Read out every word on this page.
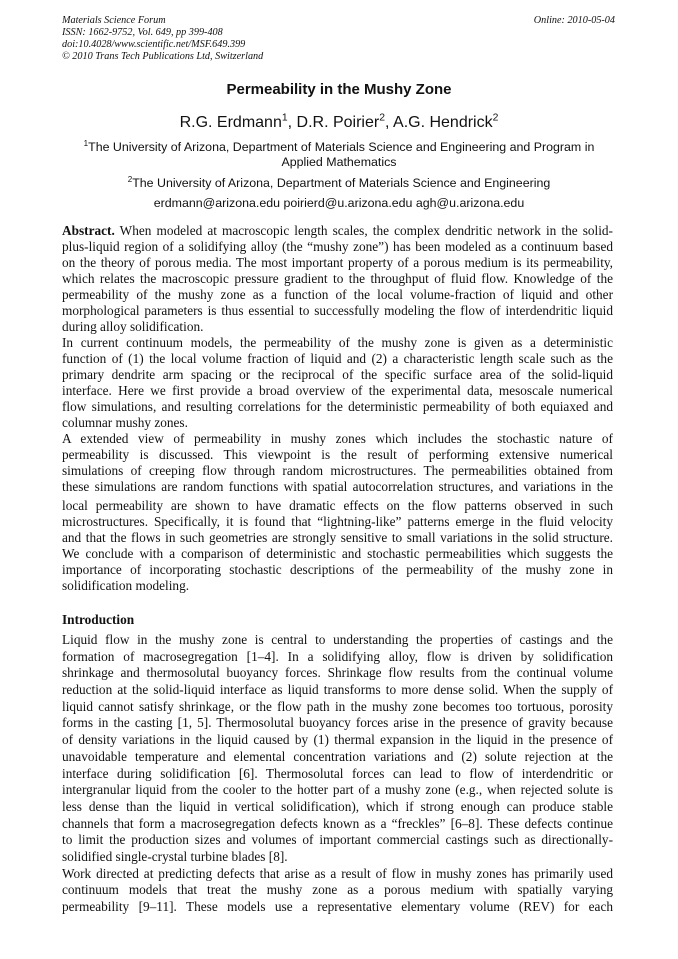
Materials Science Forum
ISSN: 1662-9752, Vol. 649, pp 399-408
doi:10.4028/www.scientific.net/MSF.649.399
© 2010 Trans Tech Publications Ltd, Switzerland
Online: 2010-05-04
Permeability in the Mushy Zone
R.G. Erdmann$^1$, D.R. Poirier$^2$, A.G. Hendrick$^2$
$^1$The University of Arizona, Department of Materials Science and Engineering and Program in
Applied Mathematics
$^2$The University of Arizona, Department of Materials Science and Engineering
erdmann@arizona.edu poirierd@u.arizona.edu agh@u.arizona.edu
Abstract. When modeled at macroscopic length scales, the complex dendritic network in the solid-
plus-liquid region of a solidifying alloy (the “mushy zone”) has been modeled as a continuum based
on the theory of porous media. The most important property of a porous medium is its permeability,
which relates the macroscopic pressure gradient to the throughput of fluid flow. Knowledge of the
permeability of the mushy zone as a function of the local volume-fraction of liquid and other
morphological parameters is thus essential to successfully modeling the flow of interdendritic liquid
during alloy solidification.
In current continuum models, the permeability of the mushy zone is given as a deterministic
function of (1) the local volume fraction of liquid and (2) a characteristic length scale such as the
primary dendrite arm spacing or the reciprocal of the specific surface area of the solid-liquid
interface. Here we first provide a broad overview of the experimental data, mesoscale numerical
flow simulations, and resulting correlations for the deterministic permeability of both equiaxed and
columnar mushy zones.
A extended view of permeability in mushy zones which includes the stochastic nature of
permeability is discussed. This viewpoint is the result of performing extensive numerical
simulations of creeping flow through random microstructures. The permeabilities obtained from
these simulations are random functions with spatial autocorrelation structures, and variations in the
local permeability are shown to have dramatic effects on the flow patterns observed in such
microstructures. Specifically, it is found that “lightning-like” patterns emerge in the fluid velocity
and that the flows in such geometries are strongly sensitive to small variations in the solid structure.
We conclude with a comparison of deterministic and stochastic permeabilities which suggests the
importance of incorporating stochastic descriptions of the permeability of the mushy zone in
solidification modeling.
Introduction
Liquid flow in the mushy zone is central to understanding the properties of castings and the
formation of macrosegregation [1–4]. In a solidifying alloy, flow is driven by solidification
shrinkage and thermosolutal buoyancy forces. Shrinkage flow results from the continual volume
reduction at the solid-liquid interface as liquid transforms to more dense solid. When the supply of
liquid cannot satisfy shrinkage, or the flow path in the mushy zone becomes too tortuous, porosity
forms in the casting [1, 5]. Thermosolutal buoyancy forces arise in the presence of gravity because
of density variations in the liquid caused by (1) thermal expansion in the liquid in the presence of
unavoidable temperature and elemental concentration variations and (2) solute rejection at the
interface during solidification [6]. Thermosolutal forces can lead to flow of interdendritic or
intergranular liquid from the cooler to the hotter part of a mushy zone (e.g., when rejected solute is
less dense than the liquid in vertical solidification), which if strong enough can produce stable
channels that form a macrosegregation defects known as a “freckles” [6–8]. These defects continue
to limit the production sizes and volumes of important commercial castings such as directionally-
solidified single-crystal turbine blades [8].
Work directed at predicting defects that arise as a result of flow in mushy zones has primarily used
continuum models that treat the mushy zone as a porous medium with spatially varying
permeability [9–11]. These models use a representative elementary volume (REV) for each
